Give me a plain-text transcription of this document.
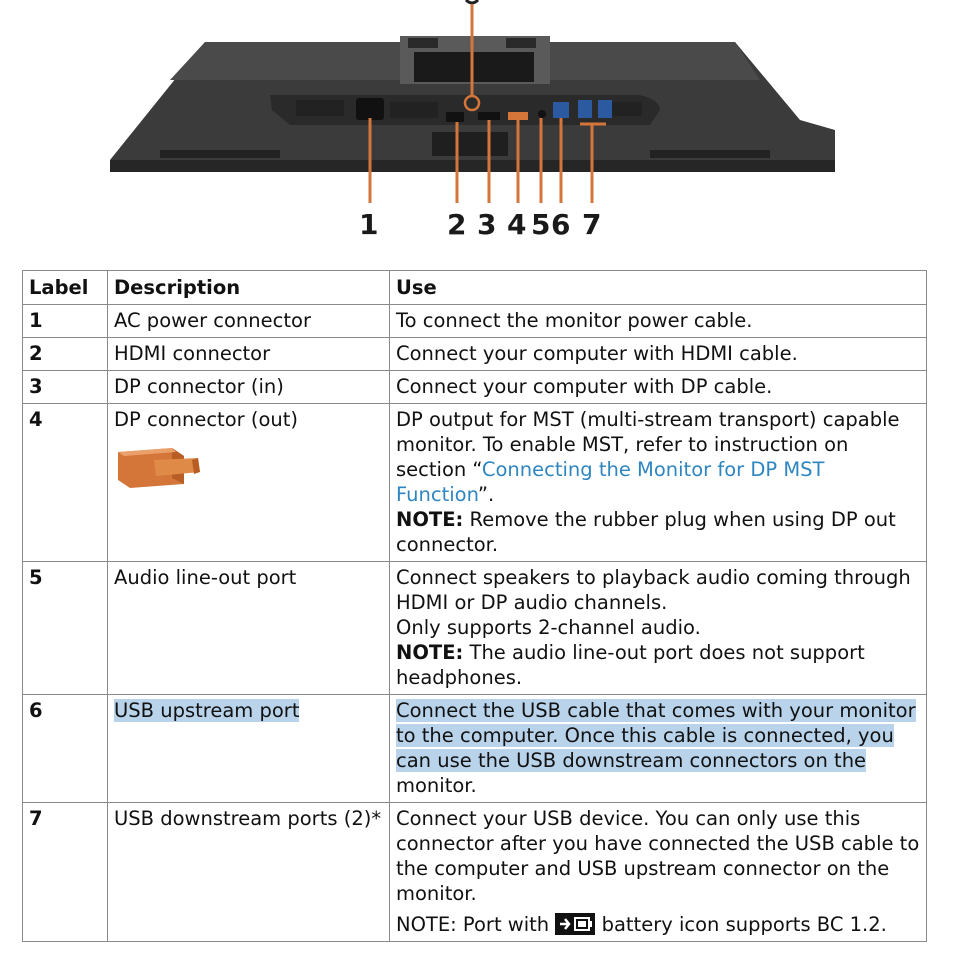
1 2 3 4 5 6 7
Label	Description	Use
1	AC power connector	To connect the monitor power cable.
2	HDMI connector	Connect your computer with HDMI cable.
3	DP connector (in)	Connect your computer with DP cable.
4	DP connector (out)	DP output for MST (multi-stream transport) capable monitor. To enable MST, refer to instruction on section “Connecting the Monitor for DP MST Function”.
NOTE: Remove the rubber plug when using DP out connector.
5	Audio line-out port	Connect speakers to playback audio coming through HDMI or DP audio channels.
Only supports 2-channel audio.
NOTE: The audio line-out port does not support headphones.
6	USB upstream port	Connect the USB cable that comes with your monitor to the computer. Once this cable is connected, you can use the USB downstream connectors on the monitor.
7	USB downstream ports (2)*	Connect your USB device. You can only use this connector after you have connected the USB cable to the computer and USB upstream connector on the monitor.
NOTE: Port with  battery icon supports BC 1.2.
